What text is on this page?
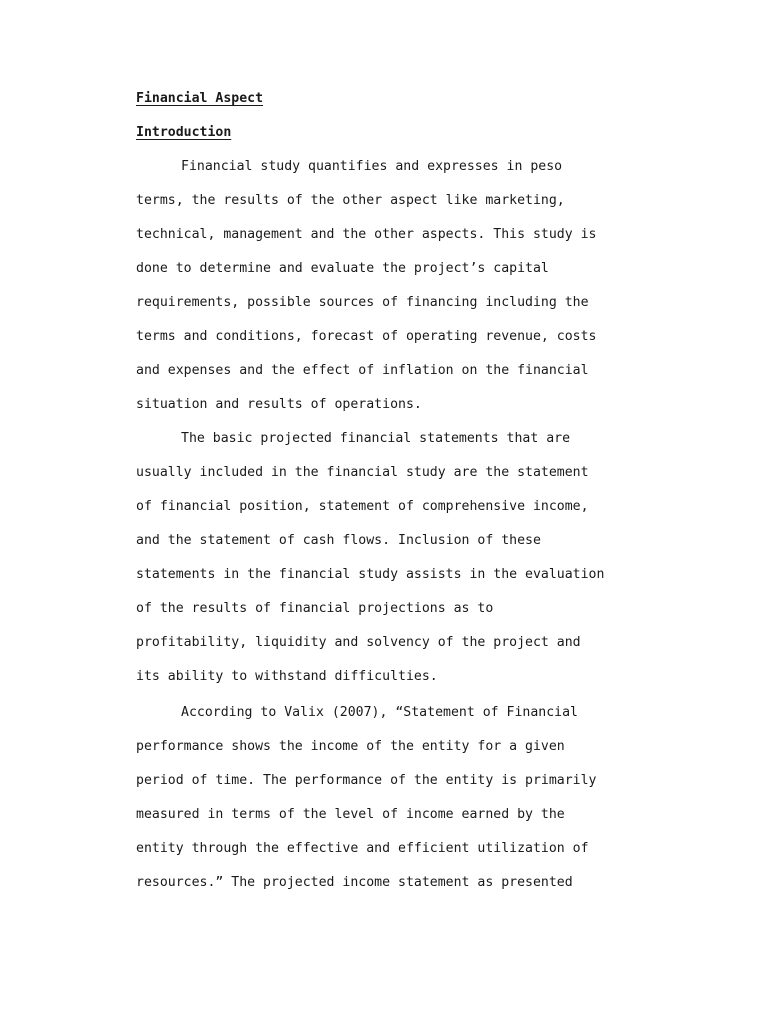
Financial Aspect

Introduction

Financial study quantifies and expresses in peso

terms, the results of the other aspect like marketing,

technical, management and the other aspects. This study is

done to determine and evaluate the project’s capital

requirements, possible sources of financing including the

terms and conditions, forecast of operating revenue, costs

and expenses and the effect of inflation on the financial

situation and results of operations.

The basic projected financial statements that are

usually included in the financial study are the statement

of financial position, statement of comprehensive income,

and the statement of cash flows. Inclusion of these

statements in the financial study assists in the evaluation

of the results of financial projections as to

profitability, liquidity and solvency of the project and

its ability to withstand difficulties.

According to Valix (2007), “Statement of Financial

performance shows the income of the entity for a given

period of time. The performance of the entity is primarily

measured in terms of the level of income earned by the

entity through the effective and efficient utilization of

resources.” The projected income statement as presented
